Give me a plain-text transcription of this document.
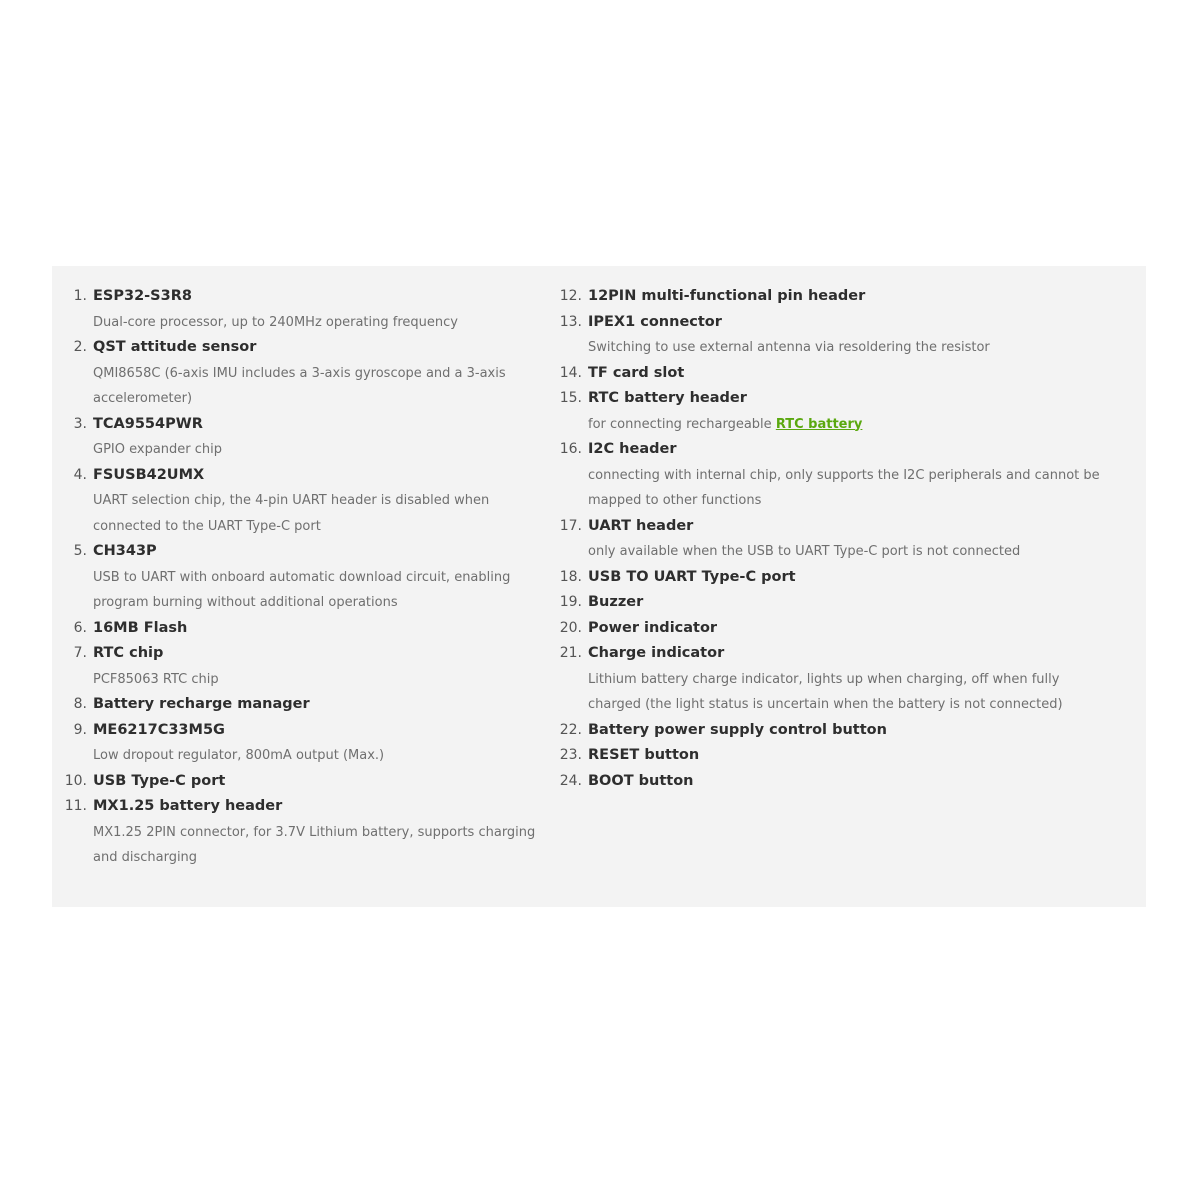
1. ESP32-S3R8
Dual-core processor, up to 240MHz operating frequency
2. QST attitude sensor
QMI8658C (6-axis IMU includes a 3-axis gyroscope and a 3-axis accelerometer)
3. TCA9554PWR
GPIO expander chip
4. FSUSB42UMX
UART selection chip, the 4-pin UART header is disabled when connected to the UART Type-C port
5. CH343P
USB to UART with onboard automatic download circuit, enabling program burning without additional operations
6. 16MB Flash
7. RTC chip
PCF85063 RTC chip
8. Battery recharge manager
9. ME6217C33M5G
Low dropout regulator, 800mA output (Max.)
10. USB Type-C port
11. MX1.25 battery header
MX1.25 2PIN connector, for 3.7V Lithium battery, supports charging and discharging
12. 12PIN multi-functional pin header
13. IPEX1 connector
Switching to use external antenna via resoldering the resistor
14. TF card slot
15. RTC battery header
for connecting rechargeable RTC battery
16. I2C header
connecting with internal chip, only supports the I2C peripherals and cannot be mapped to other functions
17. UART header
only available when the USB to UART Type-C port is not connected
18. USB TO UART Type-C port
19. Buzzer
20. Power indicator
21. Charge indicator
Lithium battery charge indicator, lights up when charging, off when fully charged (the light status is uncertain when the battery is not connected)
22. Battery power supply control button
23. RESET button
24. BOOT button
